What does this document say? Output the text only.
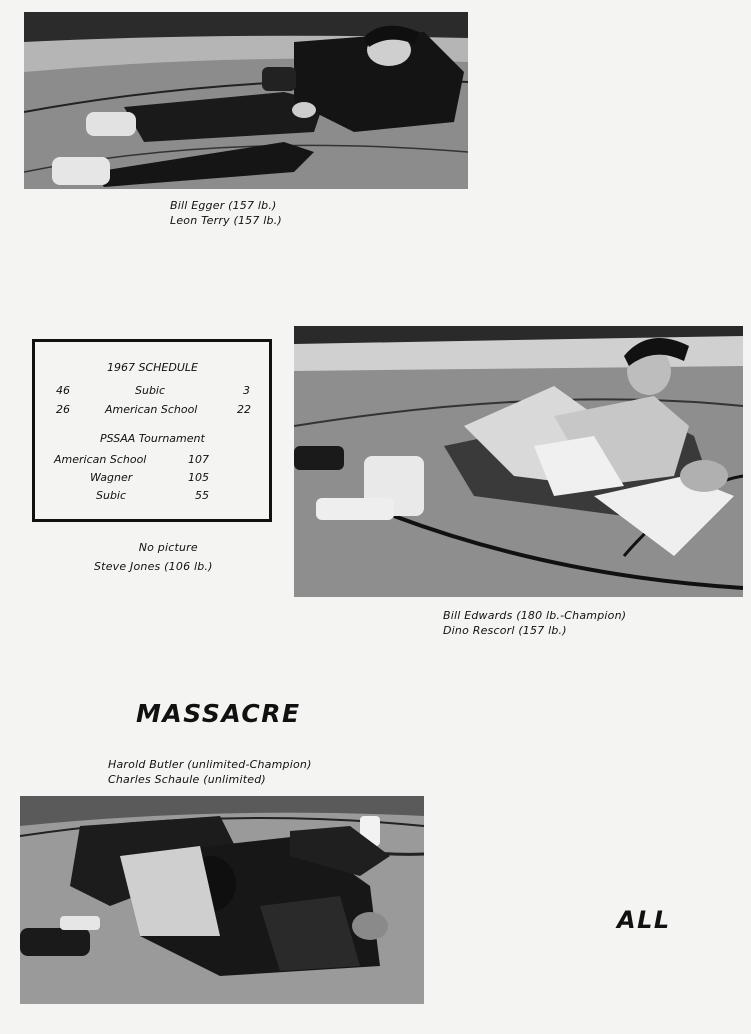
Bill Egger (157 lb.)
Leon Terry (157 lb.)
1967 SCHEDULE
46	Subic	3
26	American School	22
PSSAA Tournament
American School	107
Wagner	105
Subic	55
No picture
Steve Jones (106 lb.)
Bill Edwards (180 lb.-Champion)
Dino Rescorl (157 lb.)
MASSACRE
Harold Butler (unlimited-Champion)
Charles Schaule (unlimited)
ALL
